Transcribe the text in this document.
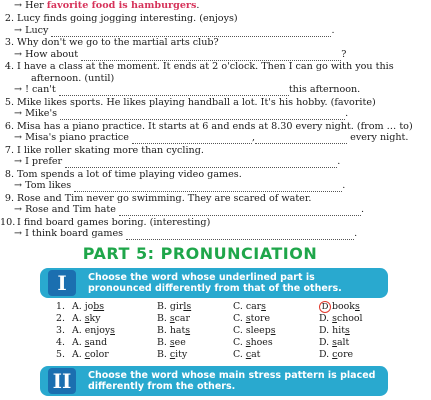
→ Her favorite food is hamburgers.
2. Lucy finds going jogging interesting. (enjoys)
→ Lucy	.
3. Why don't we go to the martial arts club?
→ How about	?
4. I have a class at the moment. It ends at 2 o'clock. Then I can go with you this
afternoon. (until)
→ ! can't	this afternoon.
5. Mike likes sports. He likes playing handball a lot. It's his hobby. (favorite)
→ Mike's	.
6. Misa has a piano practice. It starts at 6 and ends at 8.30 every night. (from … to)
→ Misa's piano practice	,	every night.
7. I like roller skating more than cycling.
→ I prefer	.
8. Tom spends a lot of time playing video games.
→ Tom likes	.
9. Rose and Tim never go swimming. They are scared of water.
→ Rose and Tim hate	.
10. I find board games boring. (interesting)
→ I think board games	.
PART 5: PRONUNCIATION
I	Choose the word whose underlined part is pronounced differently from that of the others.
1. A. jobs	B. girls	C. cars	D books
2. A. sky	B. scar	C. store	D. school
3. A. enjoys	B. hats	C. sleeps	D. hits
4. A. sand	B. see	C. shoes	D. salt
5. A. color	B. city	C. cat	D. core
II	Choose the word whose main stress pattern is placed differently from the others.
